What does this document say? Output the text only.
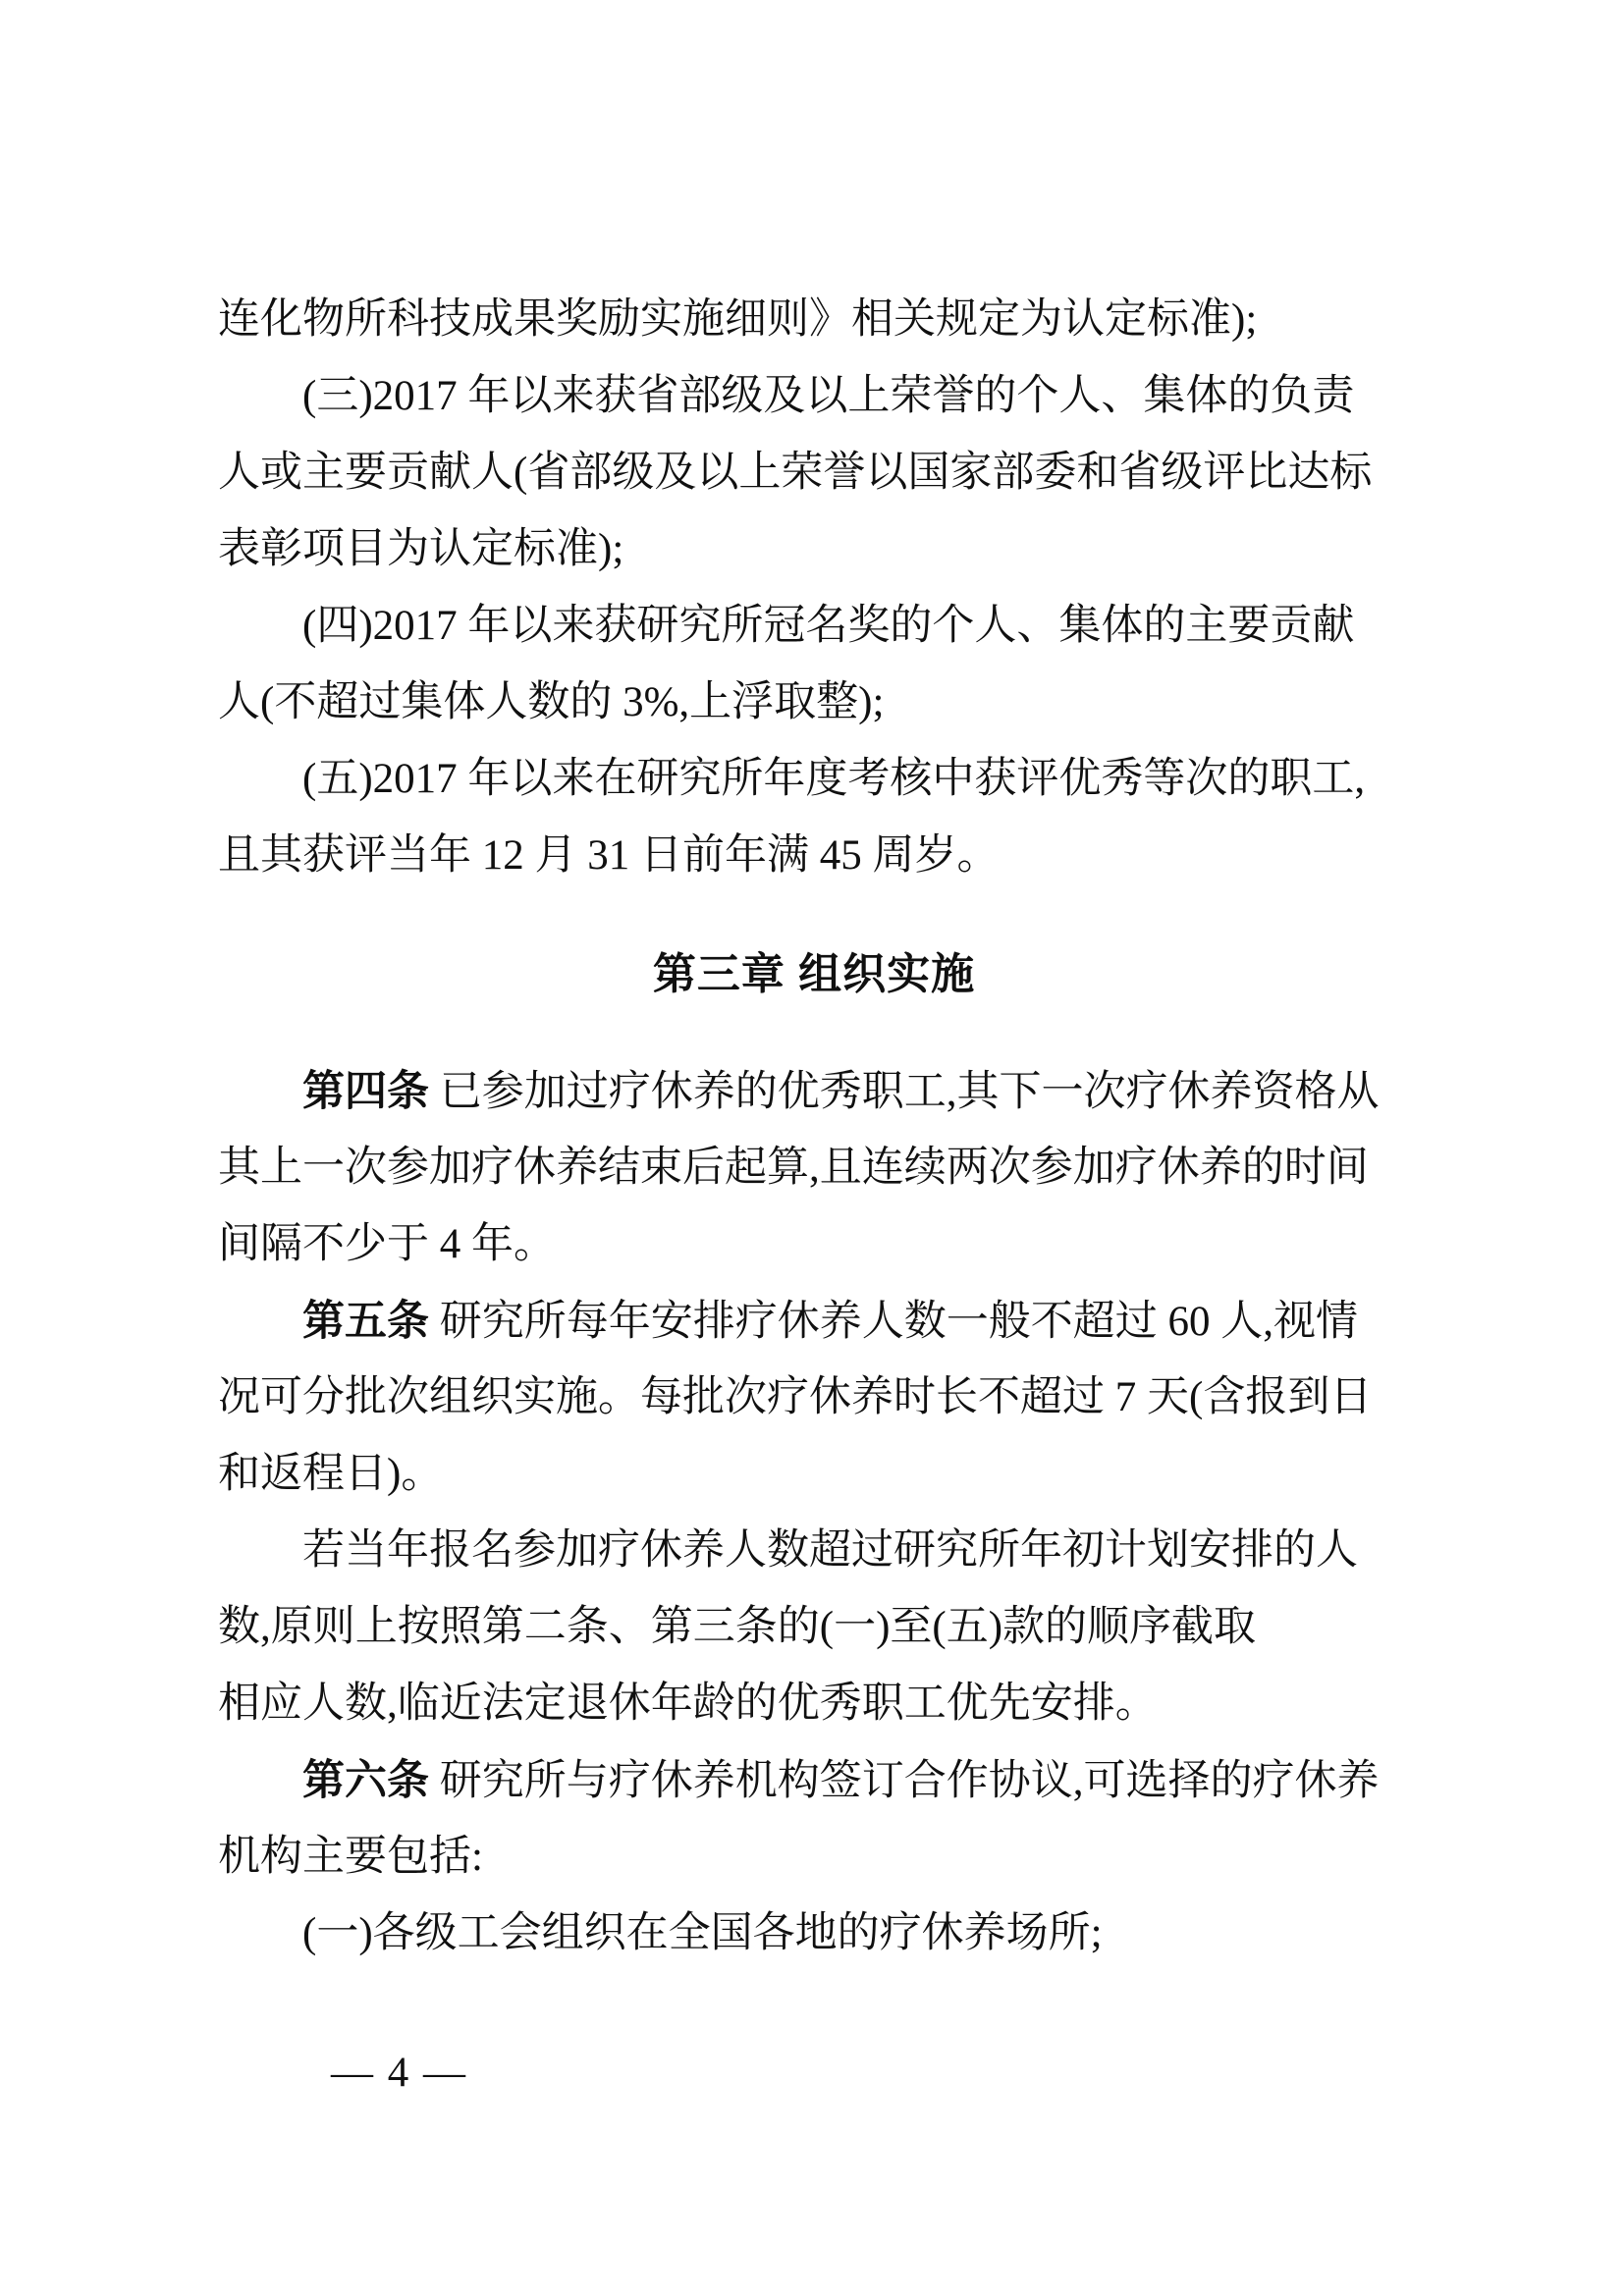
连化物所科技成果奖励实施细则》相关规定为认定标准);
(三)2017 年以来获省部级及以上荣誉的个人、集体的负责
人或主要贡献人(省部级及以上荣誉以国家部委和省级评比达标
表彰项目为认定标准);
(四)2017 年以来获研究所冠名奖的个人、集体的主要贡献
人(不超过集体人数的 3%,上浮取整);
(五)2017 年以来在研究所年度考核中获评优秀等次的职工,
且其获评当年 12 月 31 日前年满 45 周岁。
第三章 组织实施
第四条 已参加过疗休养的优秀职工,其下一次疗休养资格从
其上一次参加疗休养结束后起算,且连续两次参加疗休养的时间
间隔不少于 4 年。
第五条 研究所每年安排疗休养人数一般不超过 60 人,视情
况可分批次组织实施。每批次疗休养时长不超过 7 天(含报到日
和返程日)。
若当年报名参加疗休养人数超过研究所年初计划安排的人
数,原则上按照第二条、第三条的(一)至(五)款的顺序截取
相应人数,临近法定退休年龄的优秀职工优先安排。
第六条 研究所与疗休养机构签订合作协议,可选择的疗休养
机构主要包括:
(一)各级工会组织在全国各地的疗休养场所;
— 4 —
